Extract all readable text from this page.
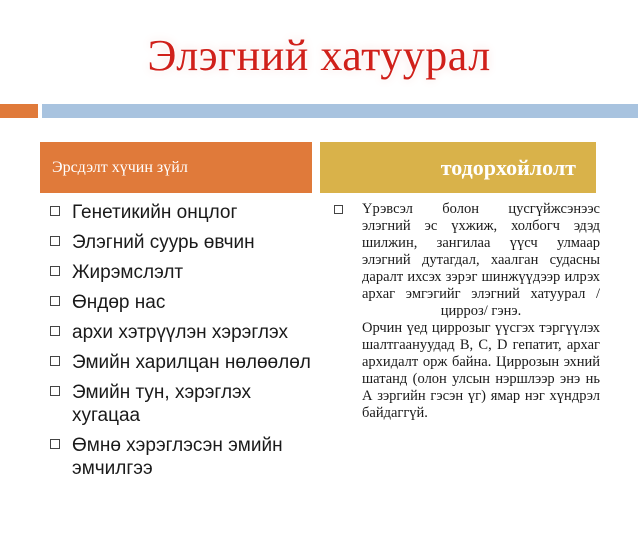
Элэгний хатуурал
Эрсдэлт хүчин зүйл	тодорхойлолт
Генетикийн онцлог
Элэгний суурь өвчин
Жирэмслэлт
Өндөр нас
архи хэтрүүлэн хэрэглэх
Эмийн харилцан нөлөөлөл
Эмийн тун, хэрэглэх хугацаа
Өмнө хэрэглэсэн эмийн эмчилгээ
Үрэвсэл болон цусгүйжсэнээс элэгний эс үхжиж, холбогч эдэд шилжин, зангилаа үүсч улмаар элэгний дутагдал, хаалган судасны даралт ихсэх зэрэг шинжүүдээр илрэх архаг эмгэгийг элэгний хатуурал /цирроз/ гэнэ.
Орчин үед циррозыг үүсгэх тэргүүлэх шалтгаануудад В, С, D гепатит, архаг архидалт орж байна. Циррозын эхний шатанд (олон улсын нэршлээр энэ нь А зэргийн гэсэн үг) ямар нэг хүндрэл байдаггүй.
